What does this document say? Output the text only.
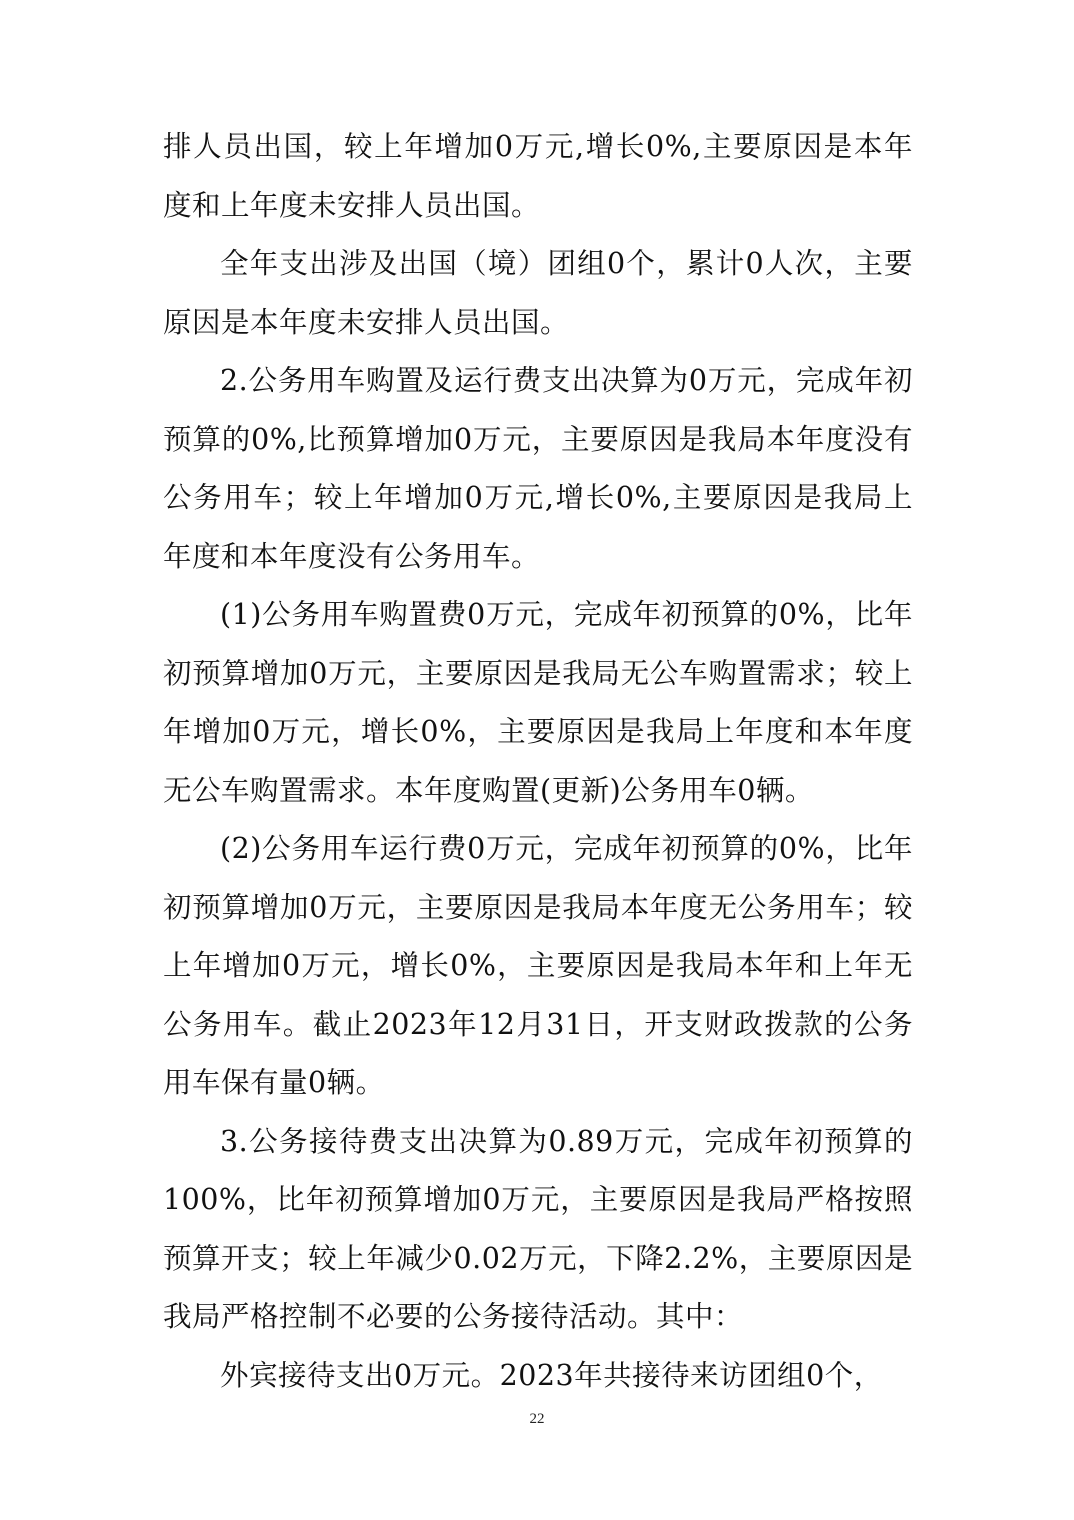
排人员出国，较上年增加0万元,增长0%,主要原因是本年度和上年度未安排人员出国。

全年支出涉及出国（境）团组0个，累计0人次，主要原因是本年度未安排人员出国。

2.公务用车购置及运行费支出决算为0万元，完成年初预算的0%,比预算增加0万元，主要原因是我局本年度没有公务用车；较上年增加0万元,增长0%,主要原因是我局上年度和本年度没有公务用车。

(1)公务用车购置费0万元，完成年初预算的0%，比年初预算增加0万元，主要原因是我局无公车购置需求；较上年增加0万元，增长0%，主要原因是我局上年度和本年度无公车购置需求。本年度购置(更新)公务用车0辆。

(2)公务用车运行费0万元，完成年初预算的0%，比年初预算增加0万元，主要原因是我局本年度无公务用车；较上年增加0万元，增长0%，主要原因是我局本年和上年无公务用车。截止2023年12月31日，开支财政拨款的公务用车保有量0辆。

3.公务接待费支出决算为0.89万元，完成年初预算的100%，比年初预算增加0万元，主要原因是我局严格按照预算开支；较上年减少0.02万元，下降2.2%，主要原因是我局严格控制不必要的公务接待活动。其中：

外宾接待支出0万元。2023年共接待来访团组0个，

22
